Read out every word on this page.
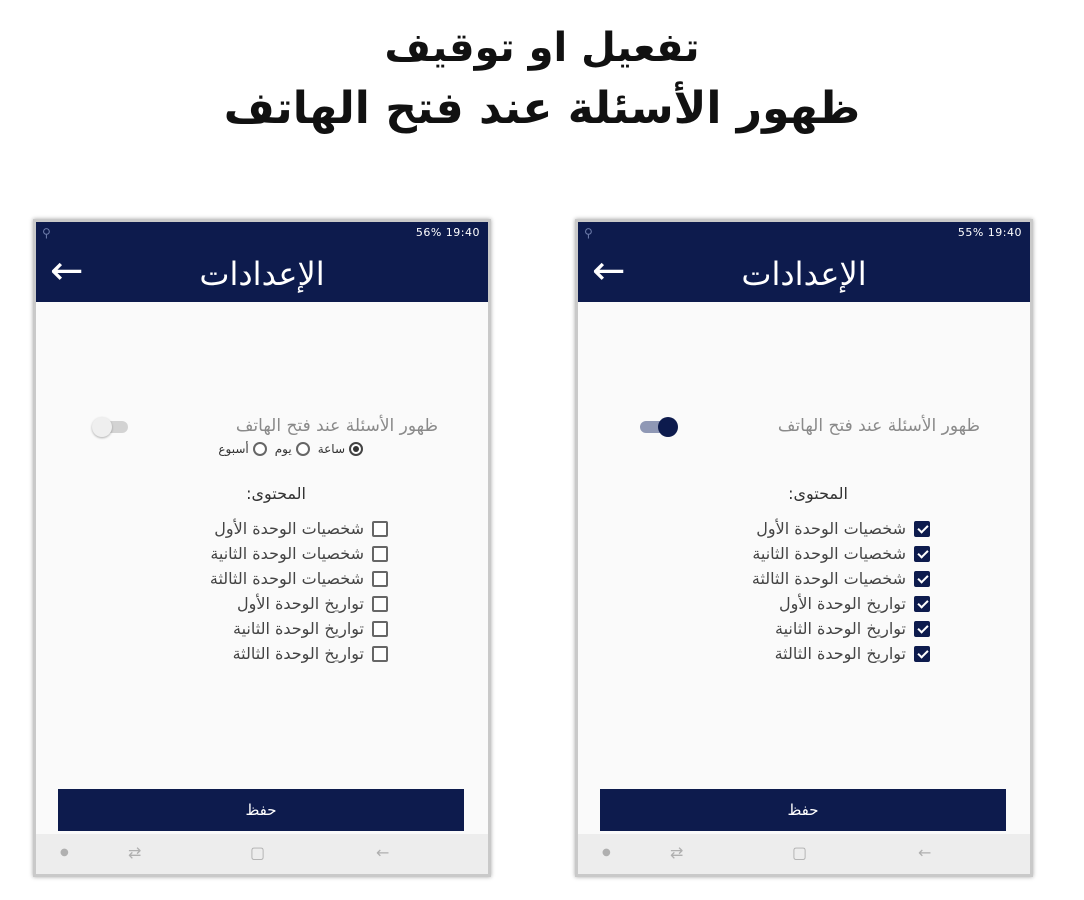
تفعيل او توقيف
ظهور الأسئلة عند فتح الهاتف
⚲	56% 19:40
←	الإعدادات
ظهور الأسئلة عند فتح الهاتف
ساعة
يوم
أسبوع
المحتوى:
شخصيات الوحدة الأول
شخصيات الوحدة الثانية
شخصيات الوحدة الثالثة
تواريخ الوحدة الأول
تواريخ الوحدة الثانية
تواريخ الوحدة الثالثة
حفظ
●	⇄	▢	←
⚲	55% 19:40
←	الإعدادات
ظهور الأسئلة عند فتح الهاتف
المحتوى:
شخصيات الوحدة الأول
شخصيات الوحدة الثانية
شخصيات الوحدة الثالثة
تواريخ الوحدة الأول
تواريخ الوحدة الثانية
تواريخ الوحدة الثالثة
حفظ
●	⇄	▢	←
